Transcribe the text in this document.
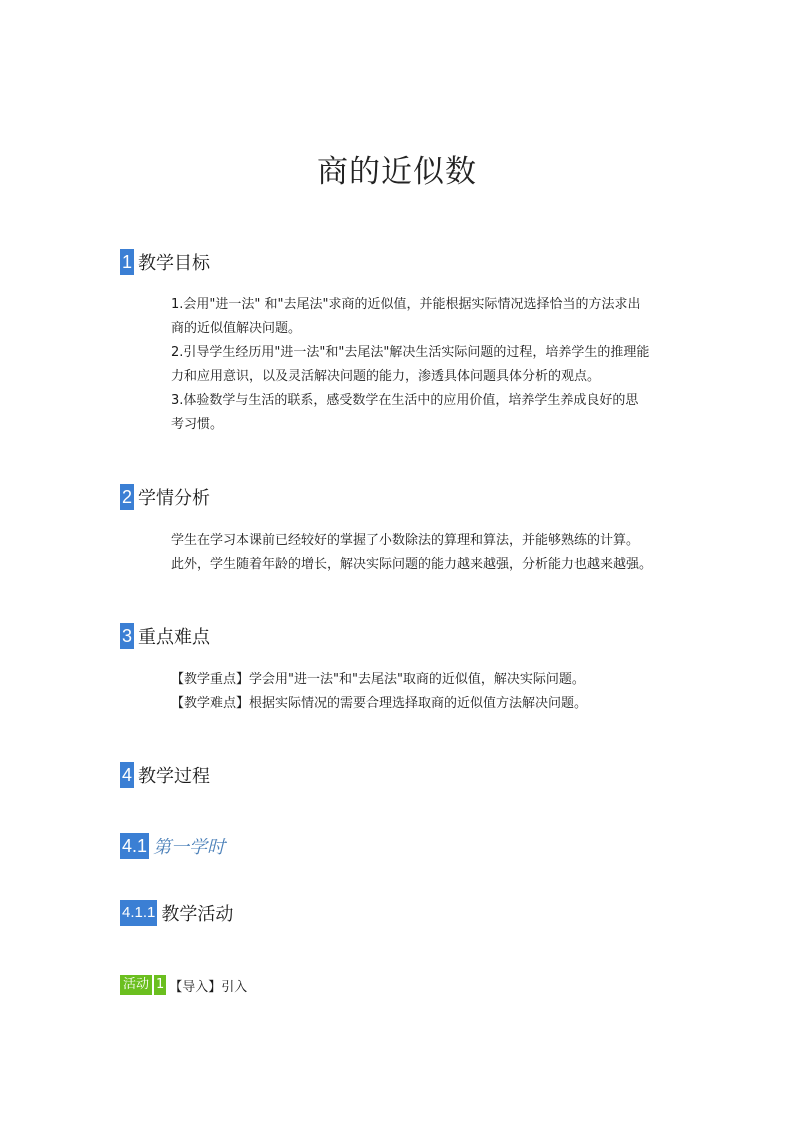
商的近似数
1 教学目标

1.会用"进一法" 和"去尾法"求商的近似值，并能根据实际情况选择恰当的方法求出

商的近似值解决问题。

2.引导学生经历用"进一法"和"去尾法"解决生活实际问题的过程，培养学生的推理能

力和应用意识，以及灵活解决问题的能力，渗透具体问题具体分析的观点。

3.体验数学与生活的联系，感受数学在生活中的应用价值，培养学生养成良好的思

考习惯。

2 学情分析

学生在学习本课前已经较好的掌握了小数除法的算理和算法，并能够熟练的计算。

此外，学生随着年龄的增长，解决实际问题的能力越来越强，分析能力也越来越强。

3 重点难点

【教学重点】学会用"进一法"和"去尾法"取商的近似值，解决实际问题。

【教学难点】根据实际情况的需要合理选择取商的近似值方法解决问题。

4 教学过程
4.1 第一学时
4.1.1 教学活动
活动 1 【导入】引入
